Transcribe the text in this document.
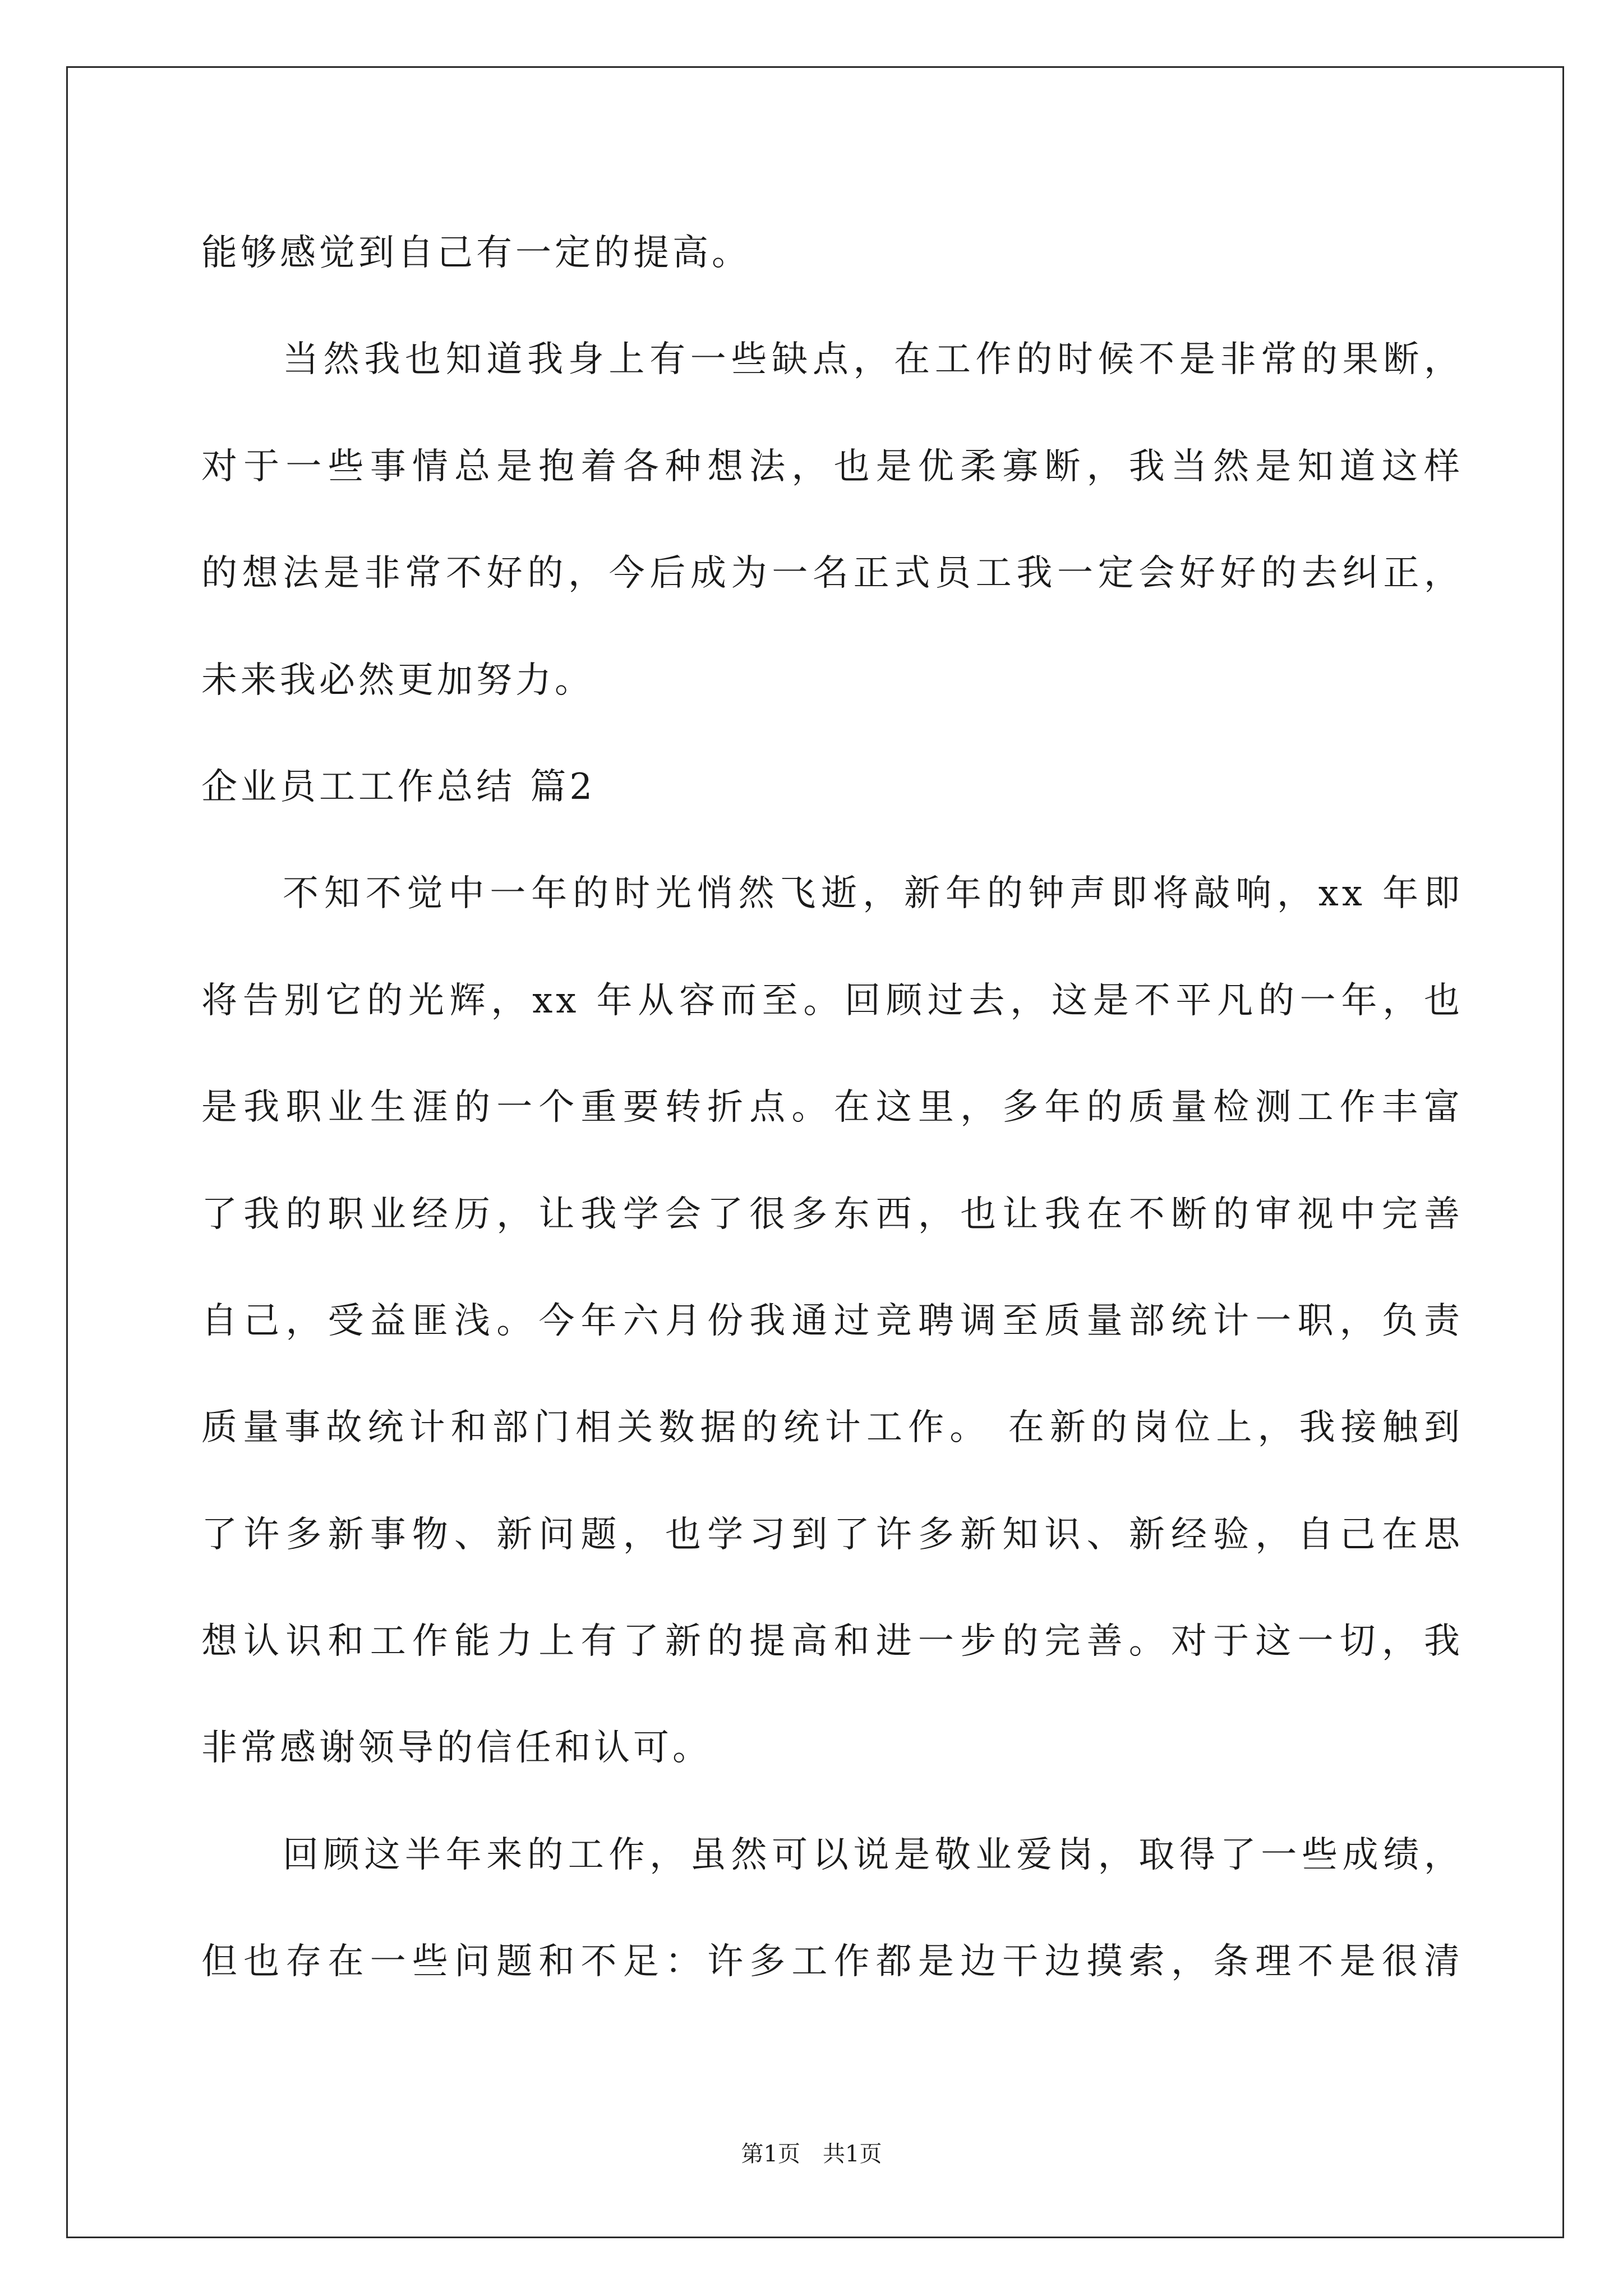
能够感觉到自己有一定的提高。
当然我也知道我身上有一些缺点，在工作的时候不是非常的果断，
对于一些事情总是抱着各种想法，也是优柔寡断，我当然是知道这样
的想法是非常不好的，今后成为一名正式员工我一定会好好的去纠正，
未来我必然更加努力。
企业员工工作总结 篇2
不知不觉中一年的时光悄然飞逝，新年的钟声即将敲响，xx 年即
将告别它的光辉，xx 年从容而至。回顾过去，这是不平凡的一年，也
是我职业生涯的一个重要转折点。在这里，多年的质量检测工作丰富
了我的职业经历，让我学会了很多东西，也让我在不断的审视中完善
自己，受益匪浅。今年六月份我通过竞聘调至质量部统计一职，负责
质量事故统计和部门相关数据的统计工作。 在新的岗位上，我接触到
了许多新事物、新问题，也学习到了许多新知识、新经验，自己在思
想认识和工作能力上有了新的提高和进一步的完善。对于这一切，我
非常感谢领导的信任和认可。
回顾这半年来的工作，虽然可以说是敬业爱岗，取得了一些成绩，
但也存在一些问题和不足：许多工作都是边干边摸索，条理不是很清
第1页　共1页
